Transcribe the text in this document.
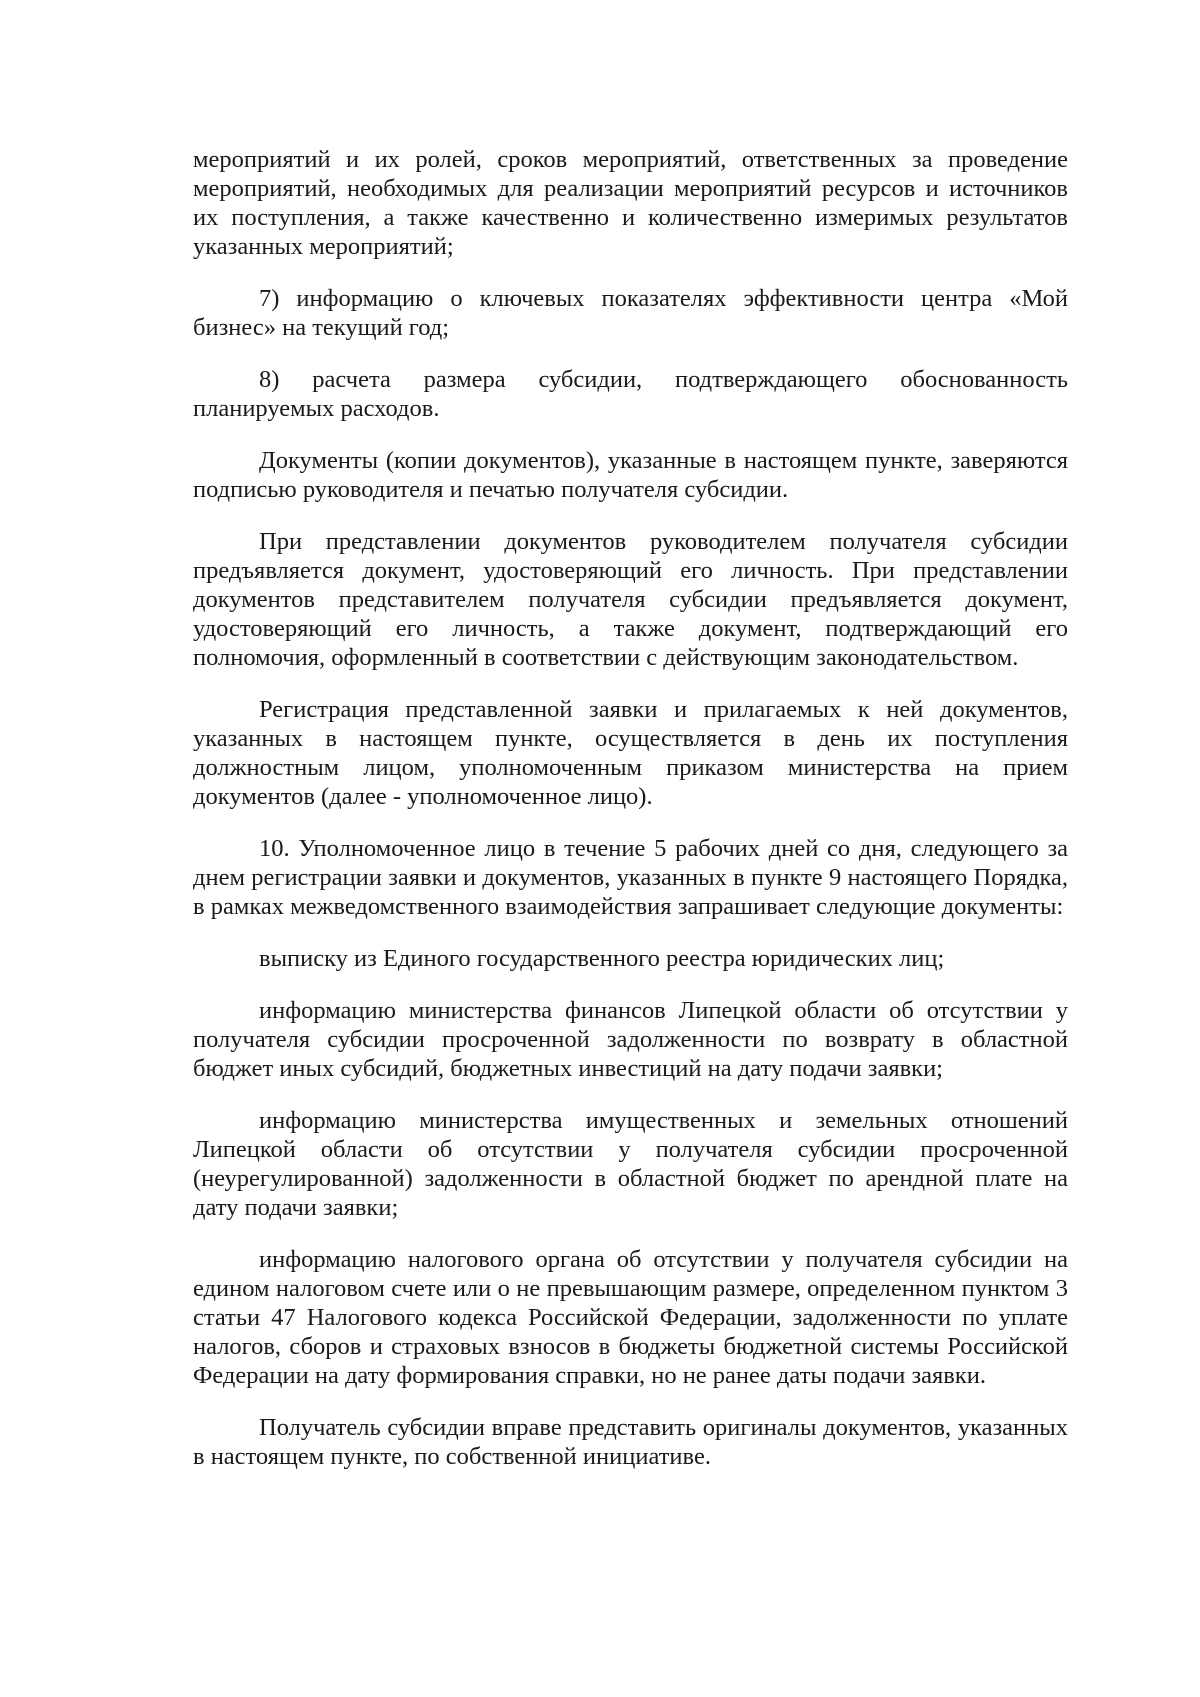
мероприятий и их ролей, сроков мероприятий, ответственных за проведение мероприятий, необходимых для реализации мероприятий ресурсов и источников их поступления, а также качественно и количественно измеримых результатов указанных мероприятий;

7) информацию о ключевых показателях эффективности центра «Мой бизнес» на текущий год;

8) расчета размера субсидии, подтверждающего обоснованность планируемых расходов.

Документы (копии документов), указанные в настоящем пункте, заверяются подписью руководителя и печатью получателя субсидии.

При представлении документов руководителем получателя субсидии предъявляется документ, удостоверяющий его личность. При представлении документов представителем получателя субсидии предъявляется документ, удостоверяющий его личность, а также документ, подтверждающий его полномочия, оформленный в соответствии с действующим законодательством.

Регистрация представленной заявки и прилагаемых к ней документов, указанных в настоящем пункте, осуществляется в день их поступления должностным лицом, уполномоченным приказом министерства на прием документов (далее - уполномоченное лицо).

10. Уполномоченное лицо в течение 5 рабочих дней со дня, следующего за днем регистрации заявки и документов, указанных в пункте 9 настоящего Порядка, в рамках межведомственного взаимодействия запрашивает следующие документы:

выписку из Единого государственного реестра юридических лиц;

информацию министерства финансов Липецкой области об отсутствии у получателя субсидии просроченной задолженности по возврату в областной бюджет иных субсидий, бюджетных инвестиций на дату подачи заявки;

информацию министерства имущественных и земельных отношений Липецкой области об отсутствии у получателя субсидии просроченной (неурегулированной) задолженности в областной бюджет по арендной плате на дату подачи заявки;

информацию налогового органа об отсутствии у получателя субсидии на едином налоговом счете или о не превышающим размере, определенном пунктом 3 статьи 47 Налогового кодекса Российской Федерации, задолженности по уплате налогов, сборов и страховых взносов в бюджеты бюджетной системы Российской Федерации на дату формирования справки, но не ранее даты подачи заявки.

Получатель субсидии вправе представить оригиналы документов, указанных в настоящем пункте, по собственной инициативе.
